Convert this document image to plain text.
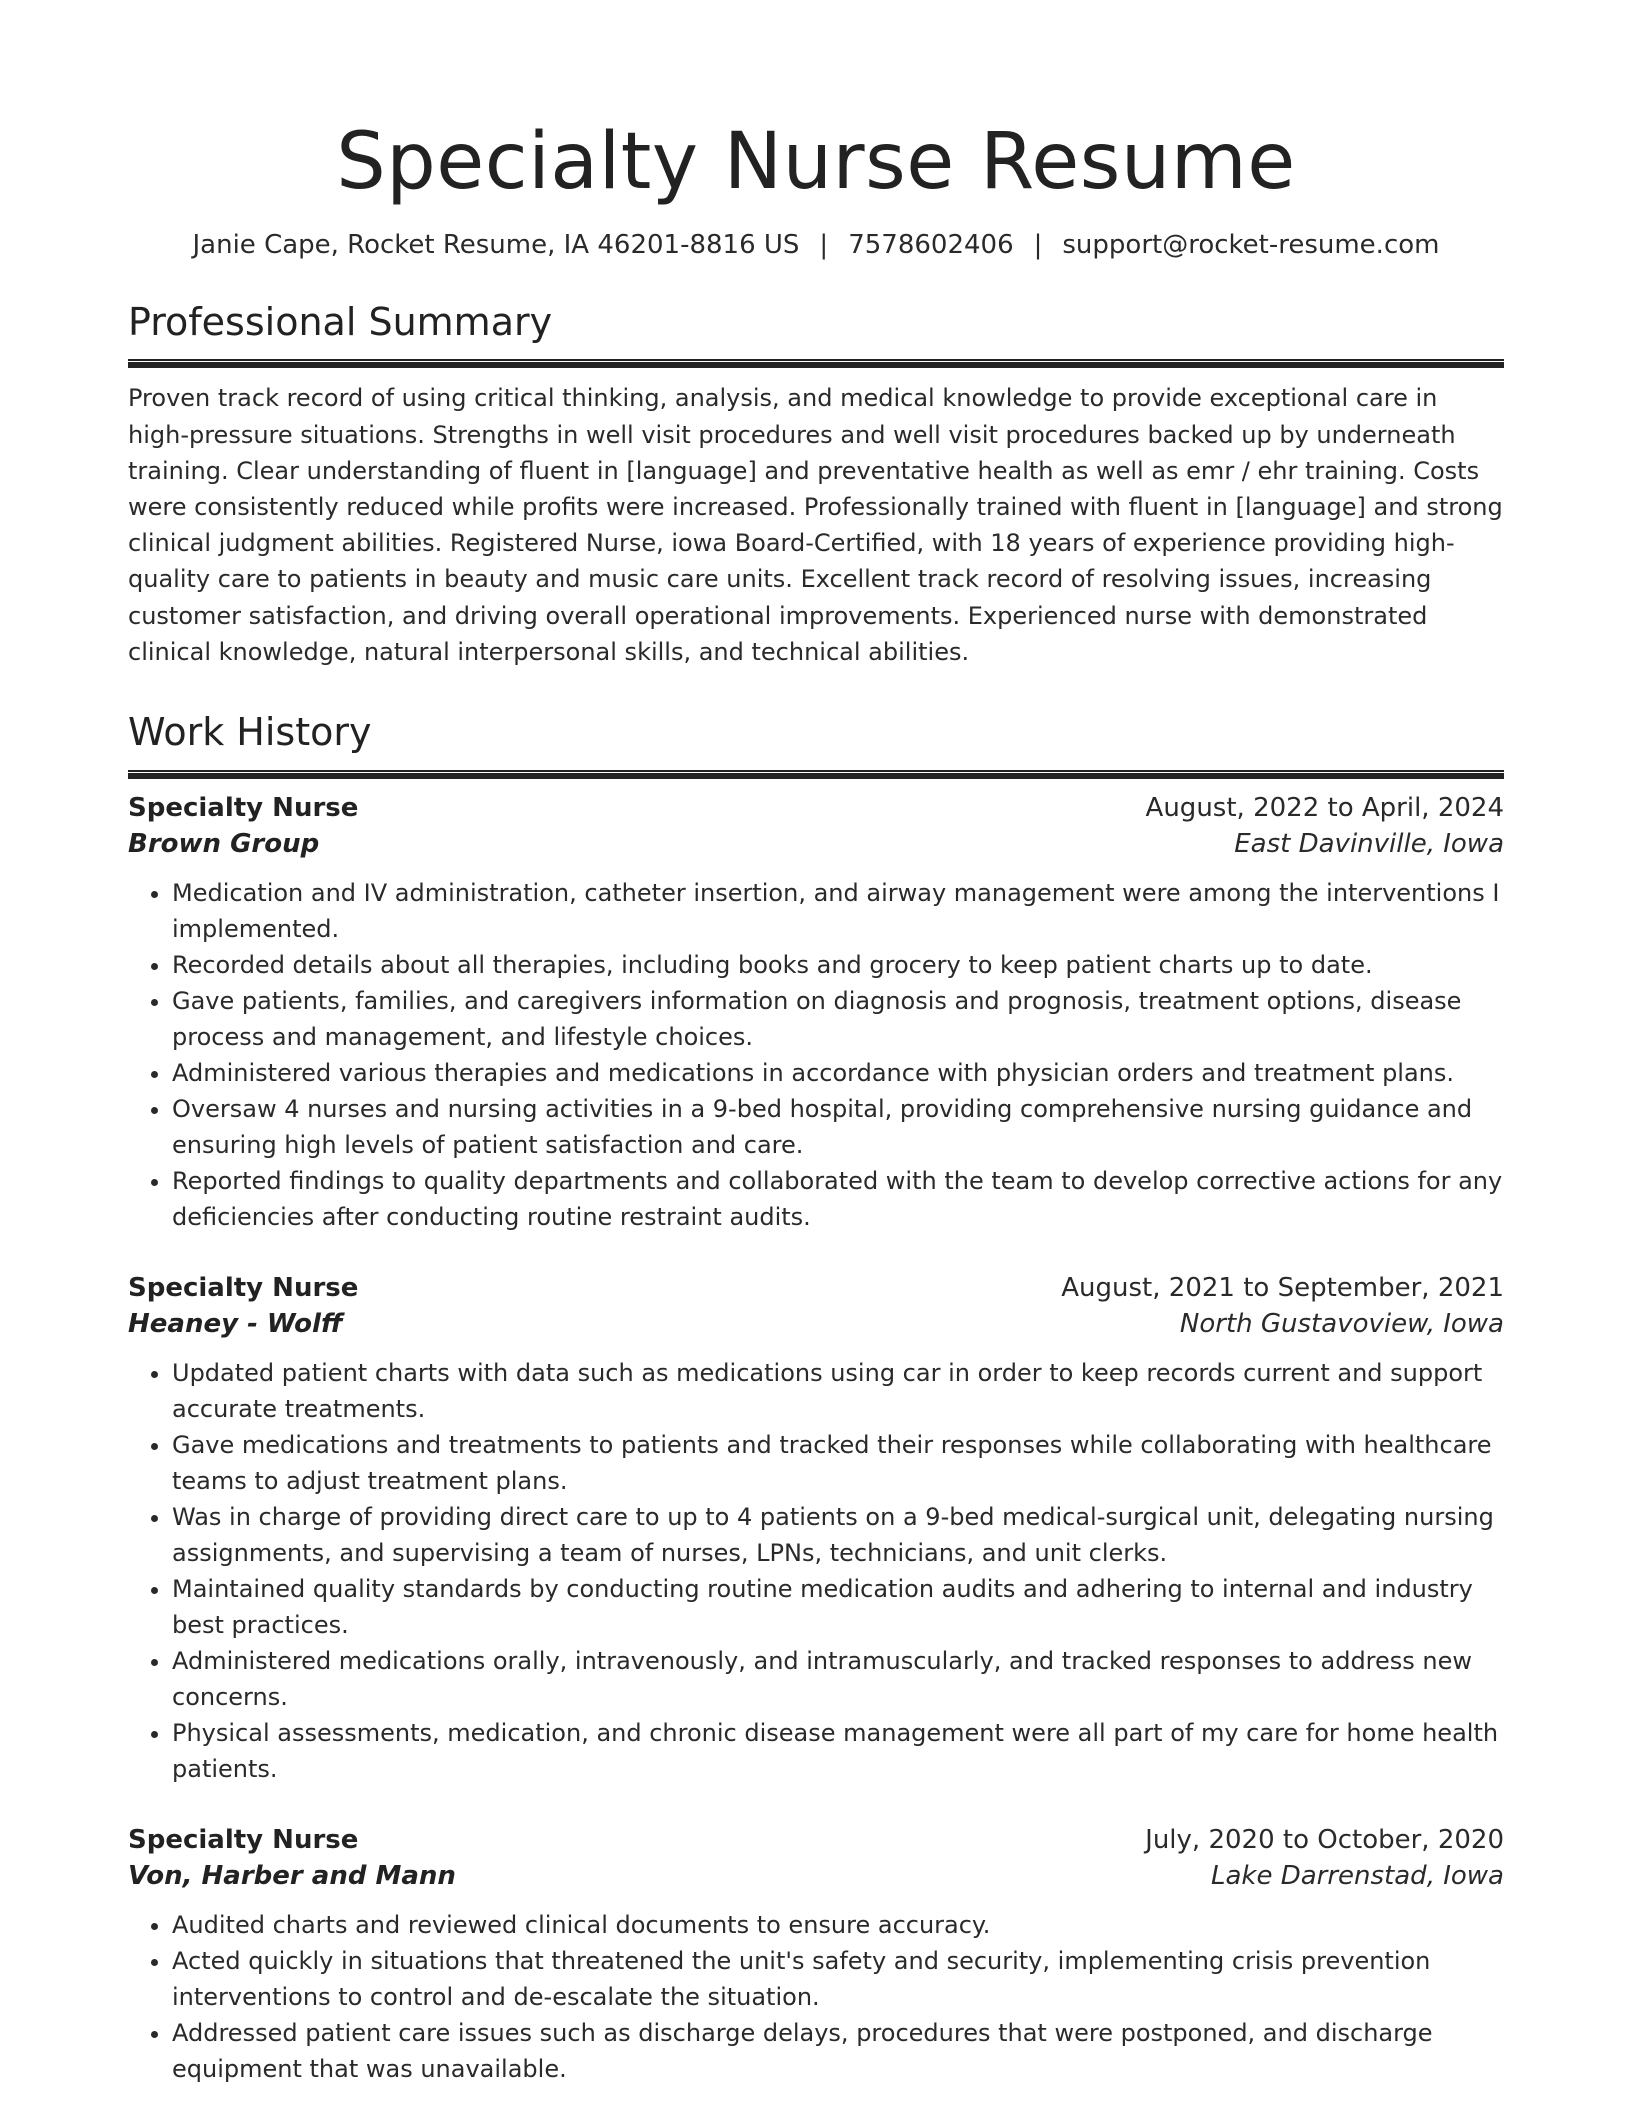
Specialty Nurse Resume
Janie Cape, Rocket Resume, IA 46201-8816 US | 7578602406 | support@rocket-resume.com
Professional Summary

Proven track record of using critical thinking, analysis, and medical knowledge to provide exceptional care in high-pressure situations. Strengths in well visit procedures and well visit procedures backed up by underneath training. Clear understanding of fluent in [language] and preventative health as well as emr / ehr training. Costs were consistently reduced while profits were increased. Professionally trained with fluent in [language] and strong clinical judgment abilities. Registered Nurse, iowa Board-Certified, with 18 years of experience providing high-quality care to patients in beauty and music care units. Excellent track record of resolving issues, increasing customer satisfaction, and driving overall operational improvements. Experienced nurse with demonstrated clinical knowledge, natural interpersonal skills, and technical abilities.

Work History
Specialty Nurse	August, 2022 to April, 2024
Brown Group	East Davinville, Iowa
• Medication and IV administration, catheter insertion, and airway management were among the interventions I implemented.
• Recorded details about all therapies, including books and grocery to keep patient charts up to date.
• Gave patients, families, and caregivers information on diagnosis and prognosis, treatment options, disease process and management, and lifestyle choices.
• Administered various therapies and medications in accordance with physician orders and treatment plans.
• Oversaw 4 nurses and nursing activities in a 9-bed hospital, providing comprehensive nursing guidance and ensuring high levels of patient satisfaction and care.
• Reported findings to quality departments and collaborated with the team to develop corrective actions for any deficiencies after conducting routine restraint audits.
Specialty Nurse	August, 2021 to September, 2021
Heaney - Wolff	North Gustavoview, Iowa
• Updated patient charts with data such as medications using car in order to keep records current and support accurate treatments.
• Gave medications and treatments to patients and tracked their responses while collaborating with healthcare teams to adjust treatment plans.
• Was in charge of providing direct care to up to 4 patients on a 9-bed medical-surgical unit, delegating nursing assignments, and supervising a team of nurses, LPNs, technicians, and unit clerks.
• Maintained quality standards by conducting routine medication audits and adhering to internal and industry best practices.
• Administered medications orally, intravenously, and intramuscularly, and tracked responses to address new concerns.
• Physical assessments, medication, and chronic disease management were all part of my care for home health patients.
Specialty Nurse	July, 2020 to October, 2020
Von, Harber and Mann	Lake Darrenstad, Iowa
• Audited charts and reviewed clinical documents to ensure accuracy.
• Acted quickly in situations that threatened the unit's safety and security, implementing crisis prevention interventions to control and de-escalate the situation.
• Addressed patient care issues such as discharge delays, procedures that were postponed, and discharge equipment that was unavailable.
